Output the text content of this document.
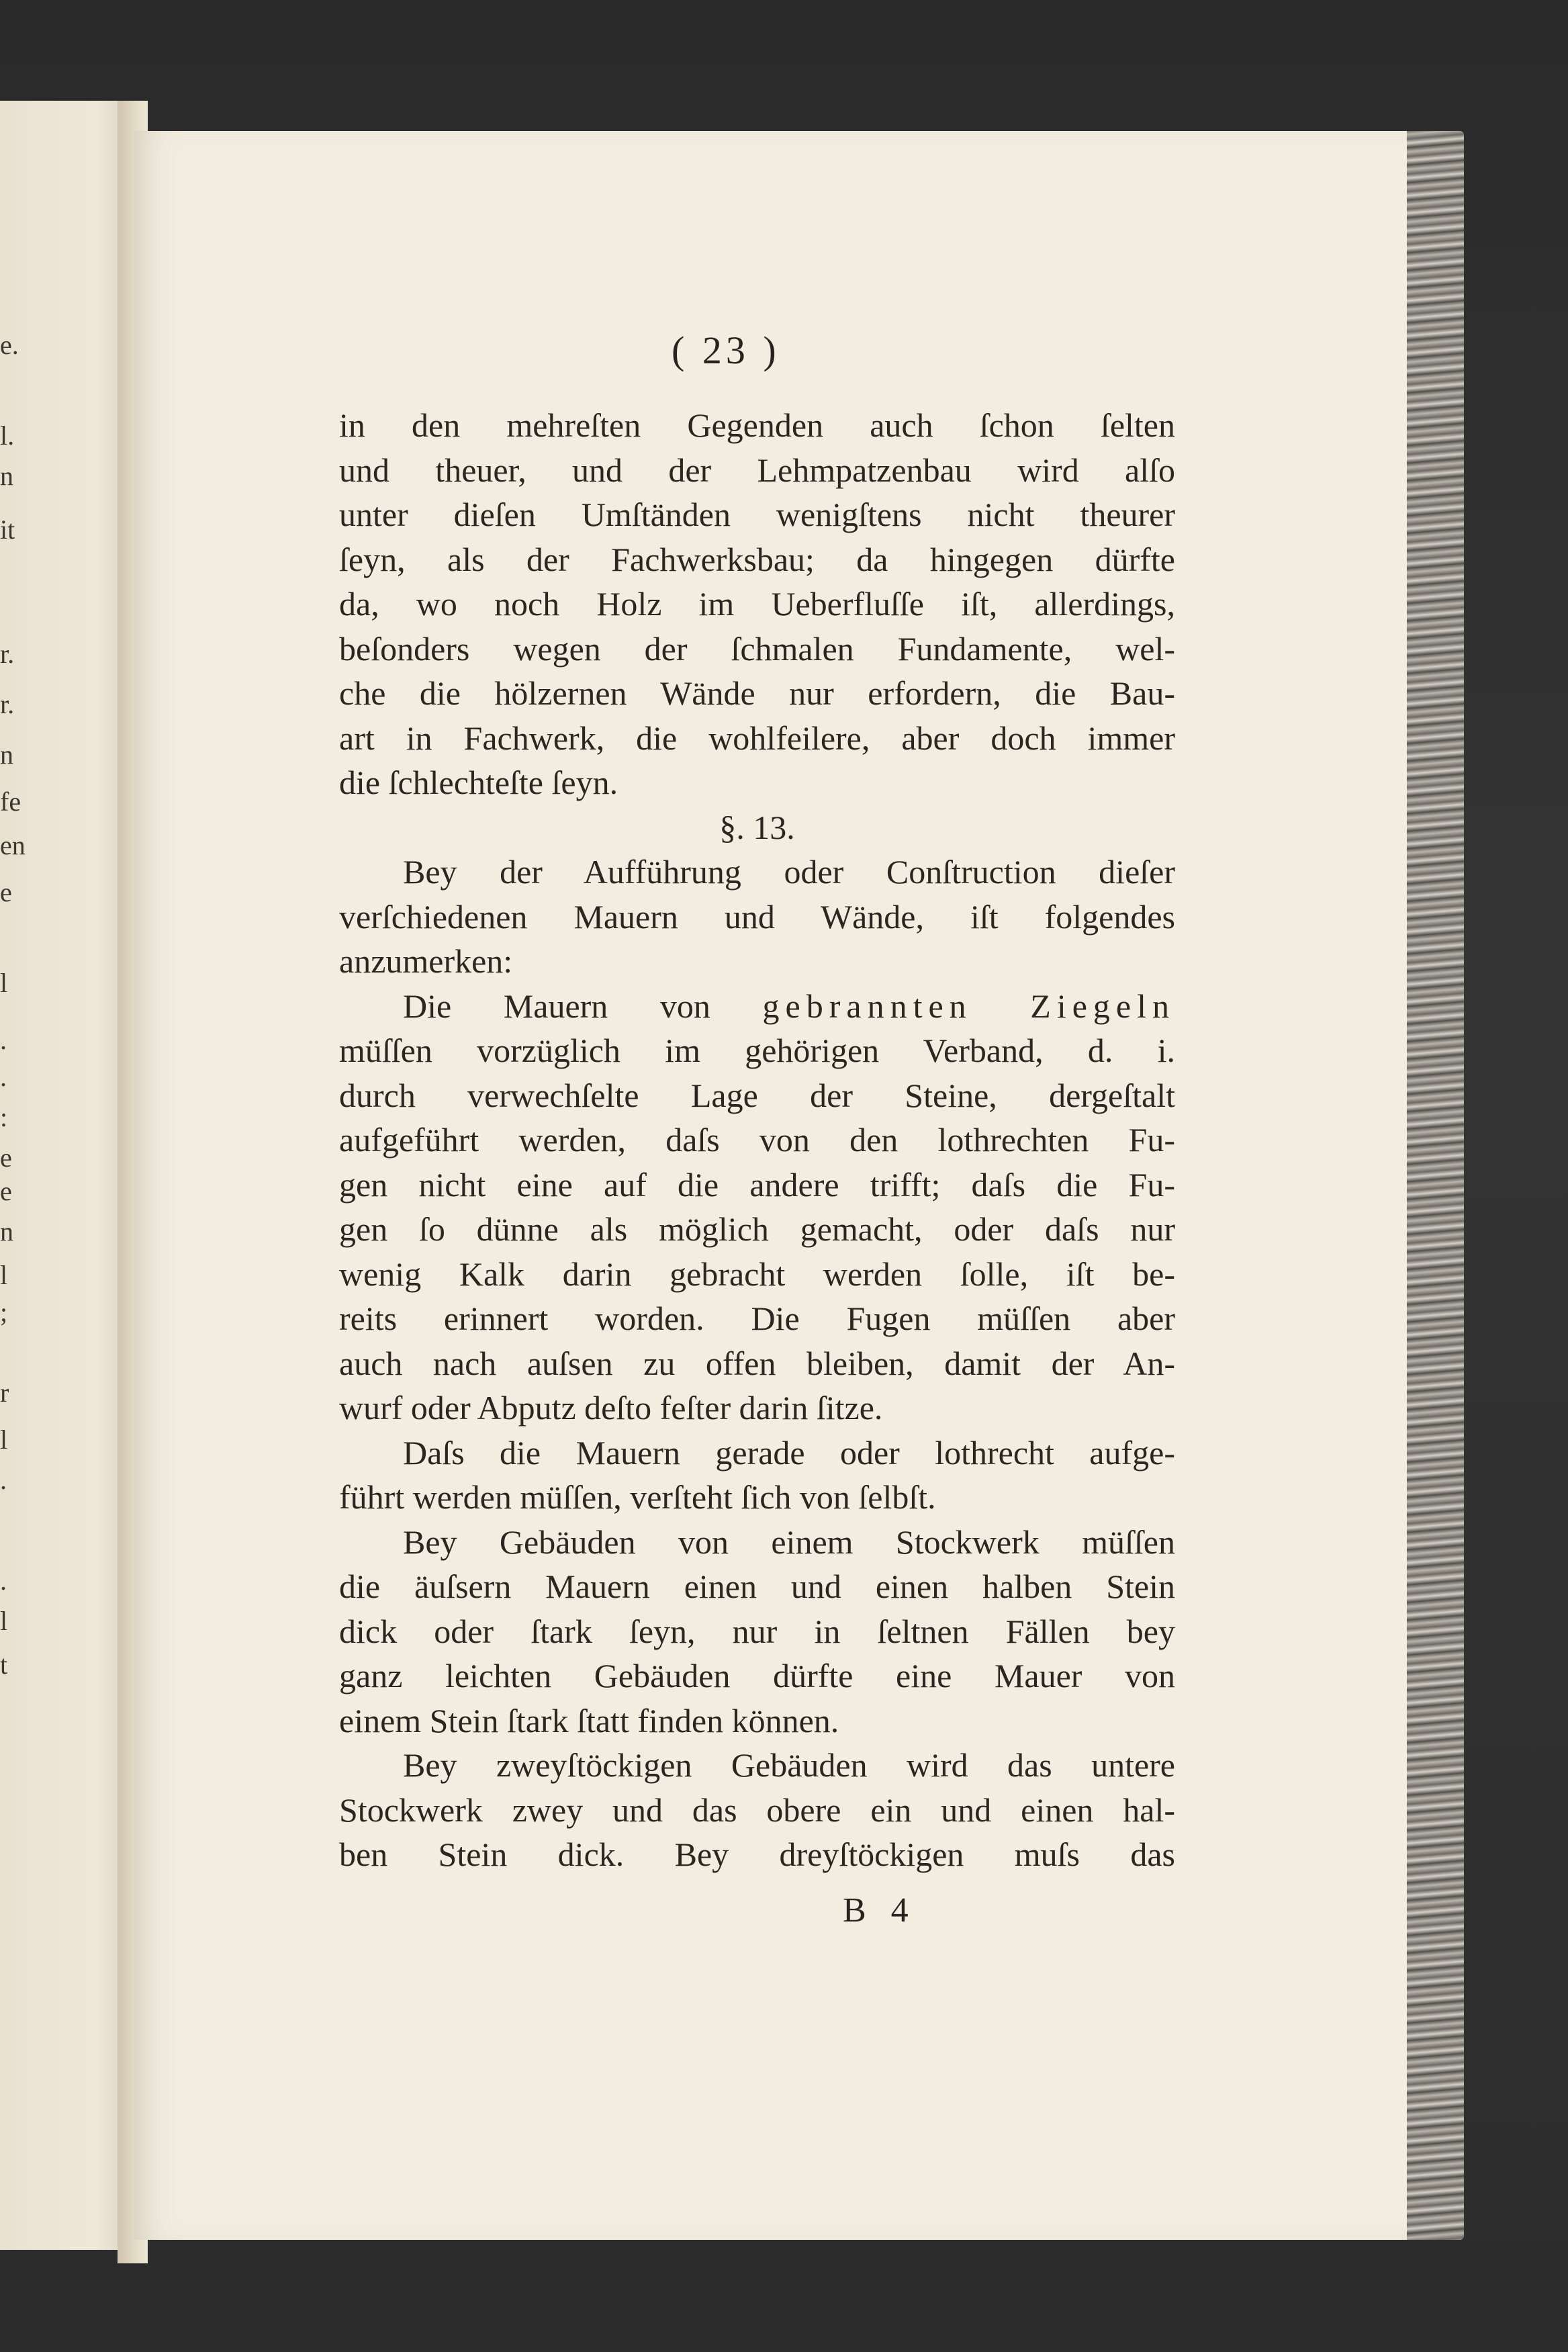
e.
l.
n
it
r.
r.
n
fe
en
e
l
.
.
:
e
e
n
l
;
r
l
.
.
l
t
( 23 )
in den mehreſten Gegenden auch ſchon ſelten
und theuer, und der Lehmpatzenbau wird alſo
unter dieſen Umſtänden wenigſtens nicht theurer
ſeyn, als der Fachwerksbau; da hingegen dürfte
da, wo noch Holz im Ueberfluſſe iſt, allerdings,
beſonders wegen der ſchmalen Fundamente, wel-
che die hölzernen Wände nur erfordern, die Bau-
art in Fachwerk, die wohlfeilere, aber doch immer
die ſchlechteſte ſeyn.
§. 13.
Bey der Aufführung oder Conſtruction dieſer
verſchiedenen Mauern und Wände, iſt folgendes
anzumerken:
Die Mauern von gebrannten Ziegeln
müſſen vorzüglich im gehörigen Verband, d. i.
durch verwechſelte Lage der Steine, dergeſtalt
aufgeführt werden, daſs von den lothrechten Fu-
gen nicht eine auf die andere trifft; daſs die Fu-
gen ſo dünne als möglich gemacht, oder daſs nur
wenig Kalk darin gebracht werden ſolle, iſt be-
reits erinnert worden. Die Fugen müſſen aber
auch nach auſsen zu offen bleiben, damit der An-
wurf oder Abputz deſto feſter darin ſitze.
Daſs die Mauern gerade oder lothrecht aufge-
führt werden müſſen, verſteht ſich von ſelbſt.
Bey Gebäuden von einem Stockwerk müſſen
die äuſsern Mauern einen und einen halben Stein
dick oder ſtark ſeyn, nur in ſeltnen Fällen bey
ganz leichten Gebäuden dürfte eine Mauer von
einem Stein ſtark ſtatt finden können.
Bey zweyſtöckigen Gebäuden wird das untere
Stockwerk zwey und das obere ein und einen hal-
ben Stein dick. Bey dreyſtöckigen muſs das
B 4
